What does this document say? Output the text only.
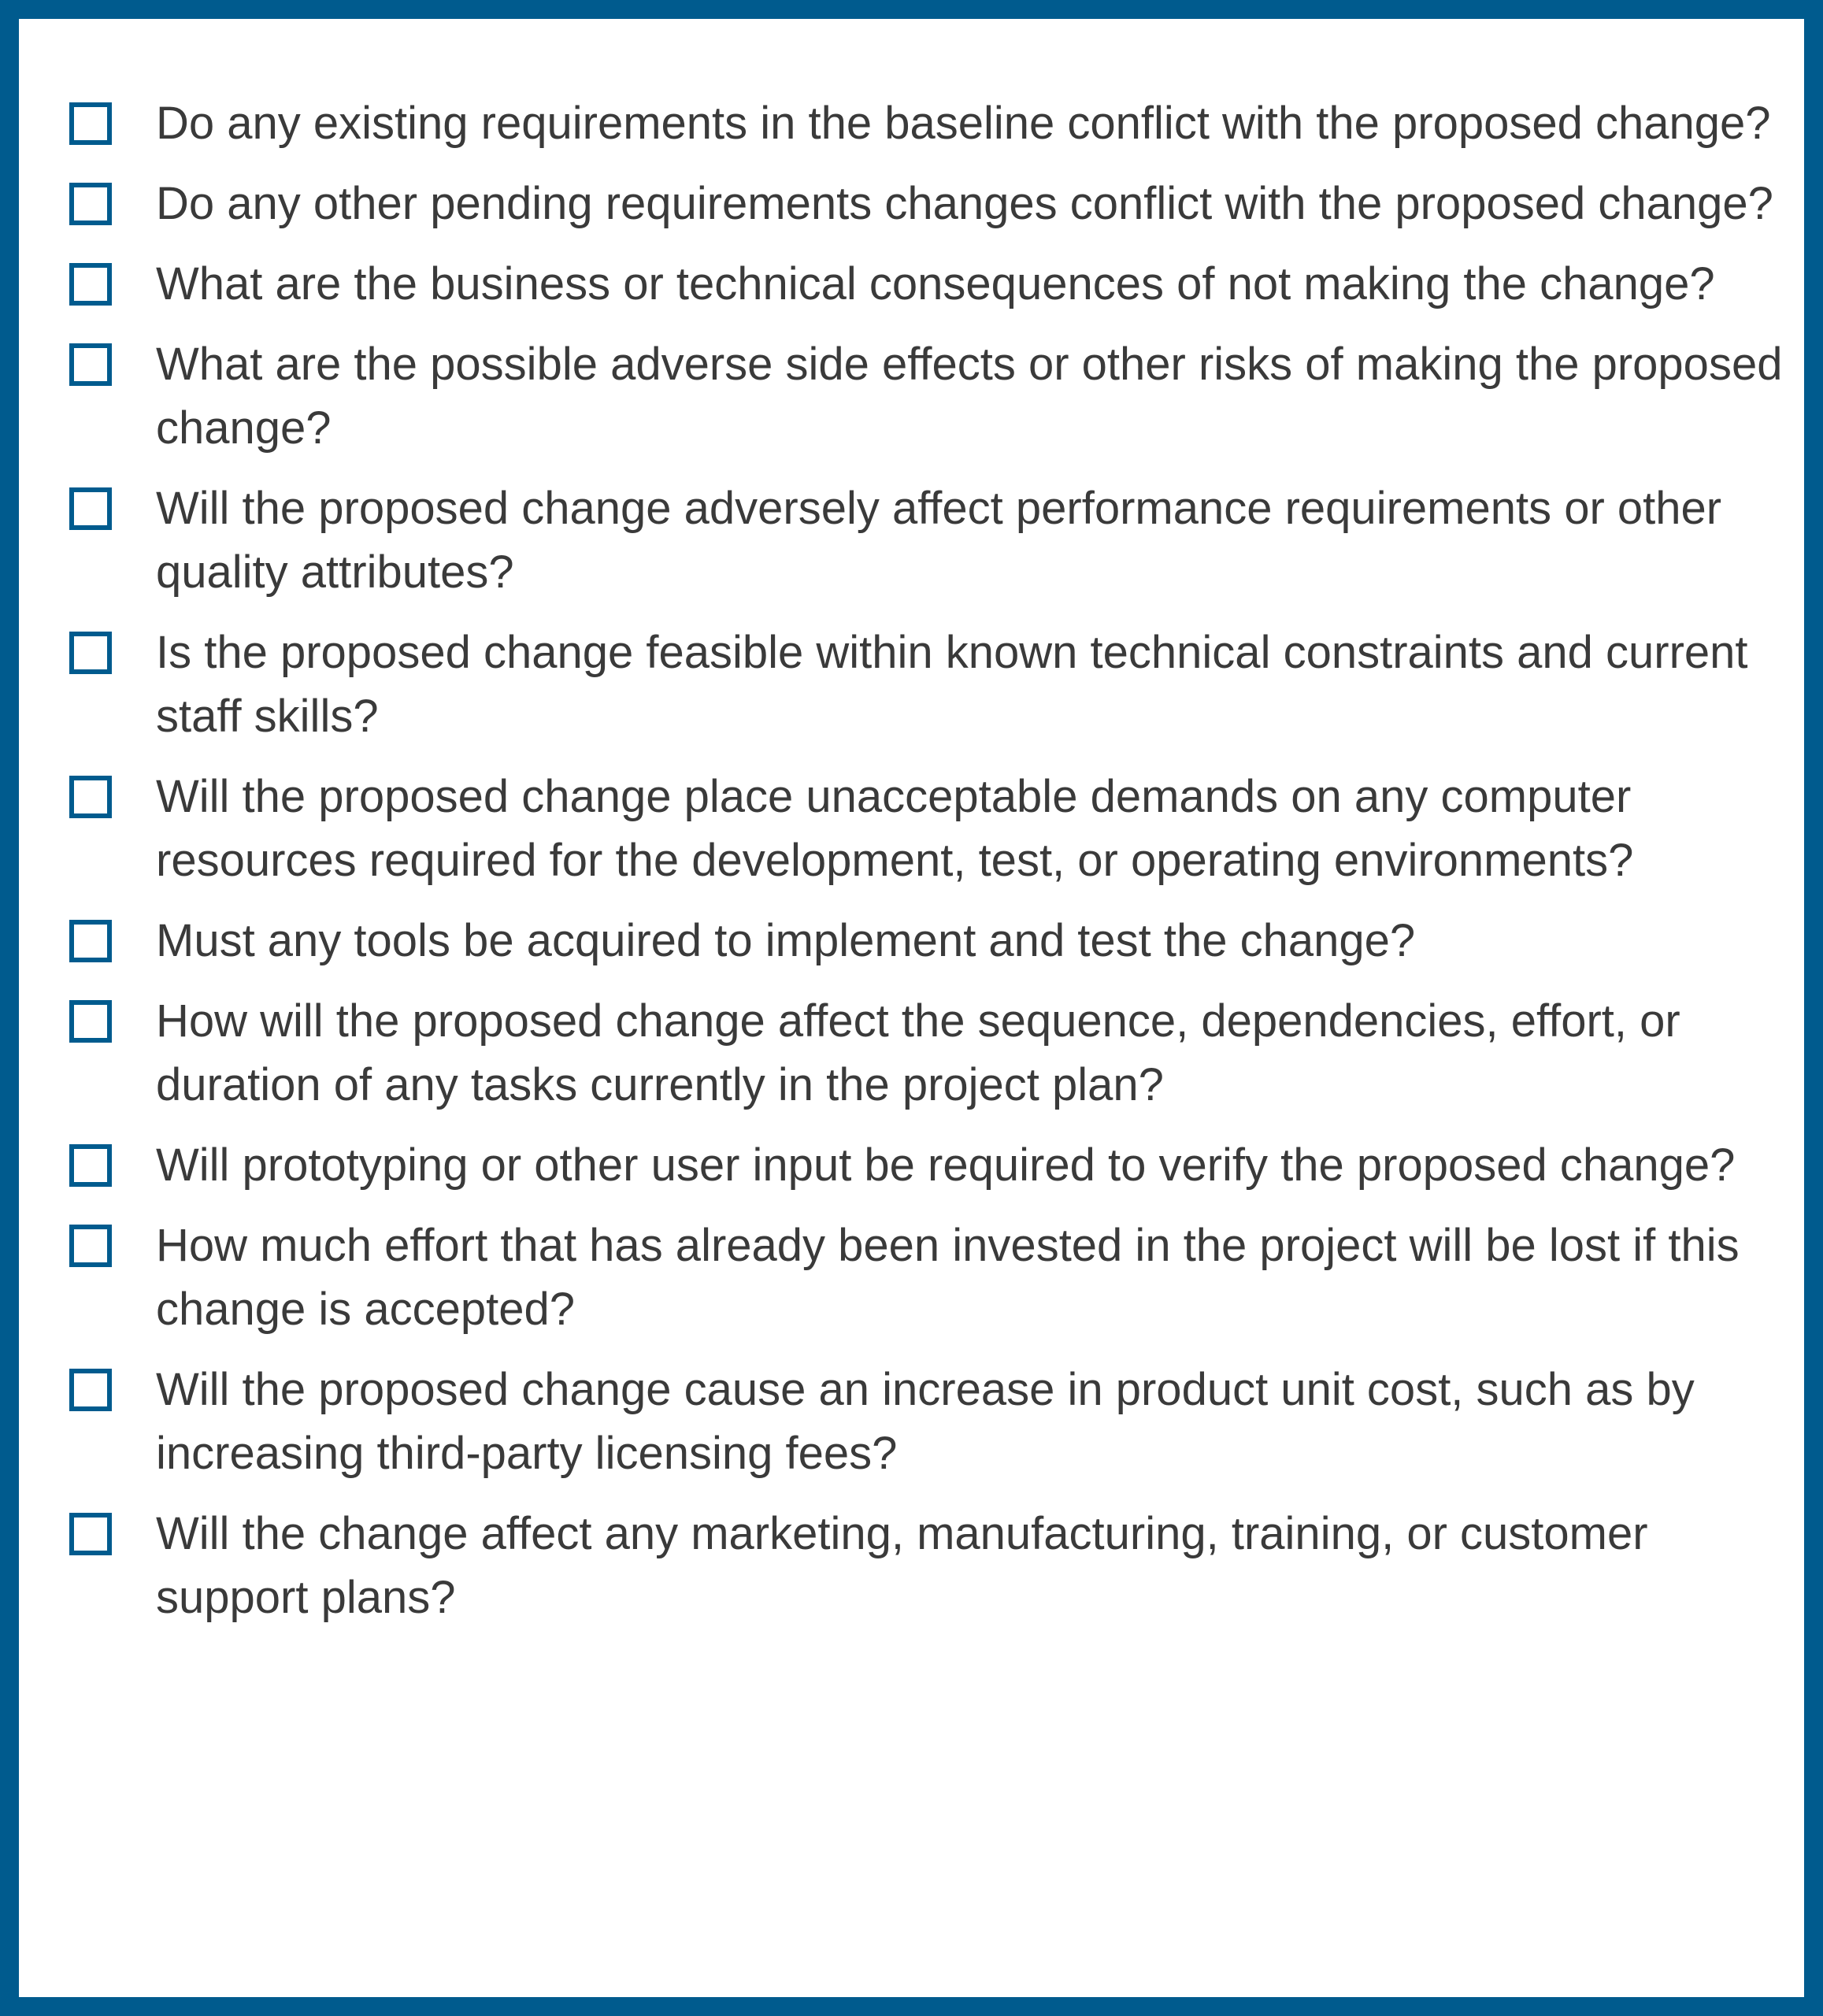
Do any existing requirements in the baseline conflict with the proposed change?
Do any other pending requirements changes conflict with the proposed change?
What are the business or technical consequences of not making the change?
What are the possible adverse side effects or other risks of making the proposed change?
Will the proposed change adversely affect performance requirements or other quality attributes?
Is the proposed change feasible within known technical constraints and current staff skills?
Will the proposed change place unacceptable demands on any computer resources required for the development, test, or operating environments?
Must any tools be acquired to implement and test the change?
How will the proposed change affect the sequence, dependencies, effort, or duration of any tasks currently in the project plan?
Will prototyping or other user input be required to verify the proposed change?
How much effort that has already been invested in the project will be lost if this change is accepted?
Will the proposed change cause an increase in product unit cost, such as by increasing third-party licensing fees?
Will the change affect any marketing, manufacturing, training, or customer support plans?
